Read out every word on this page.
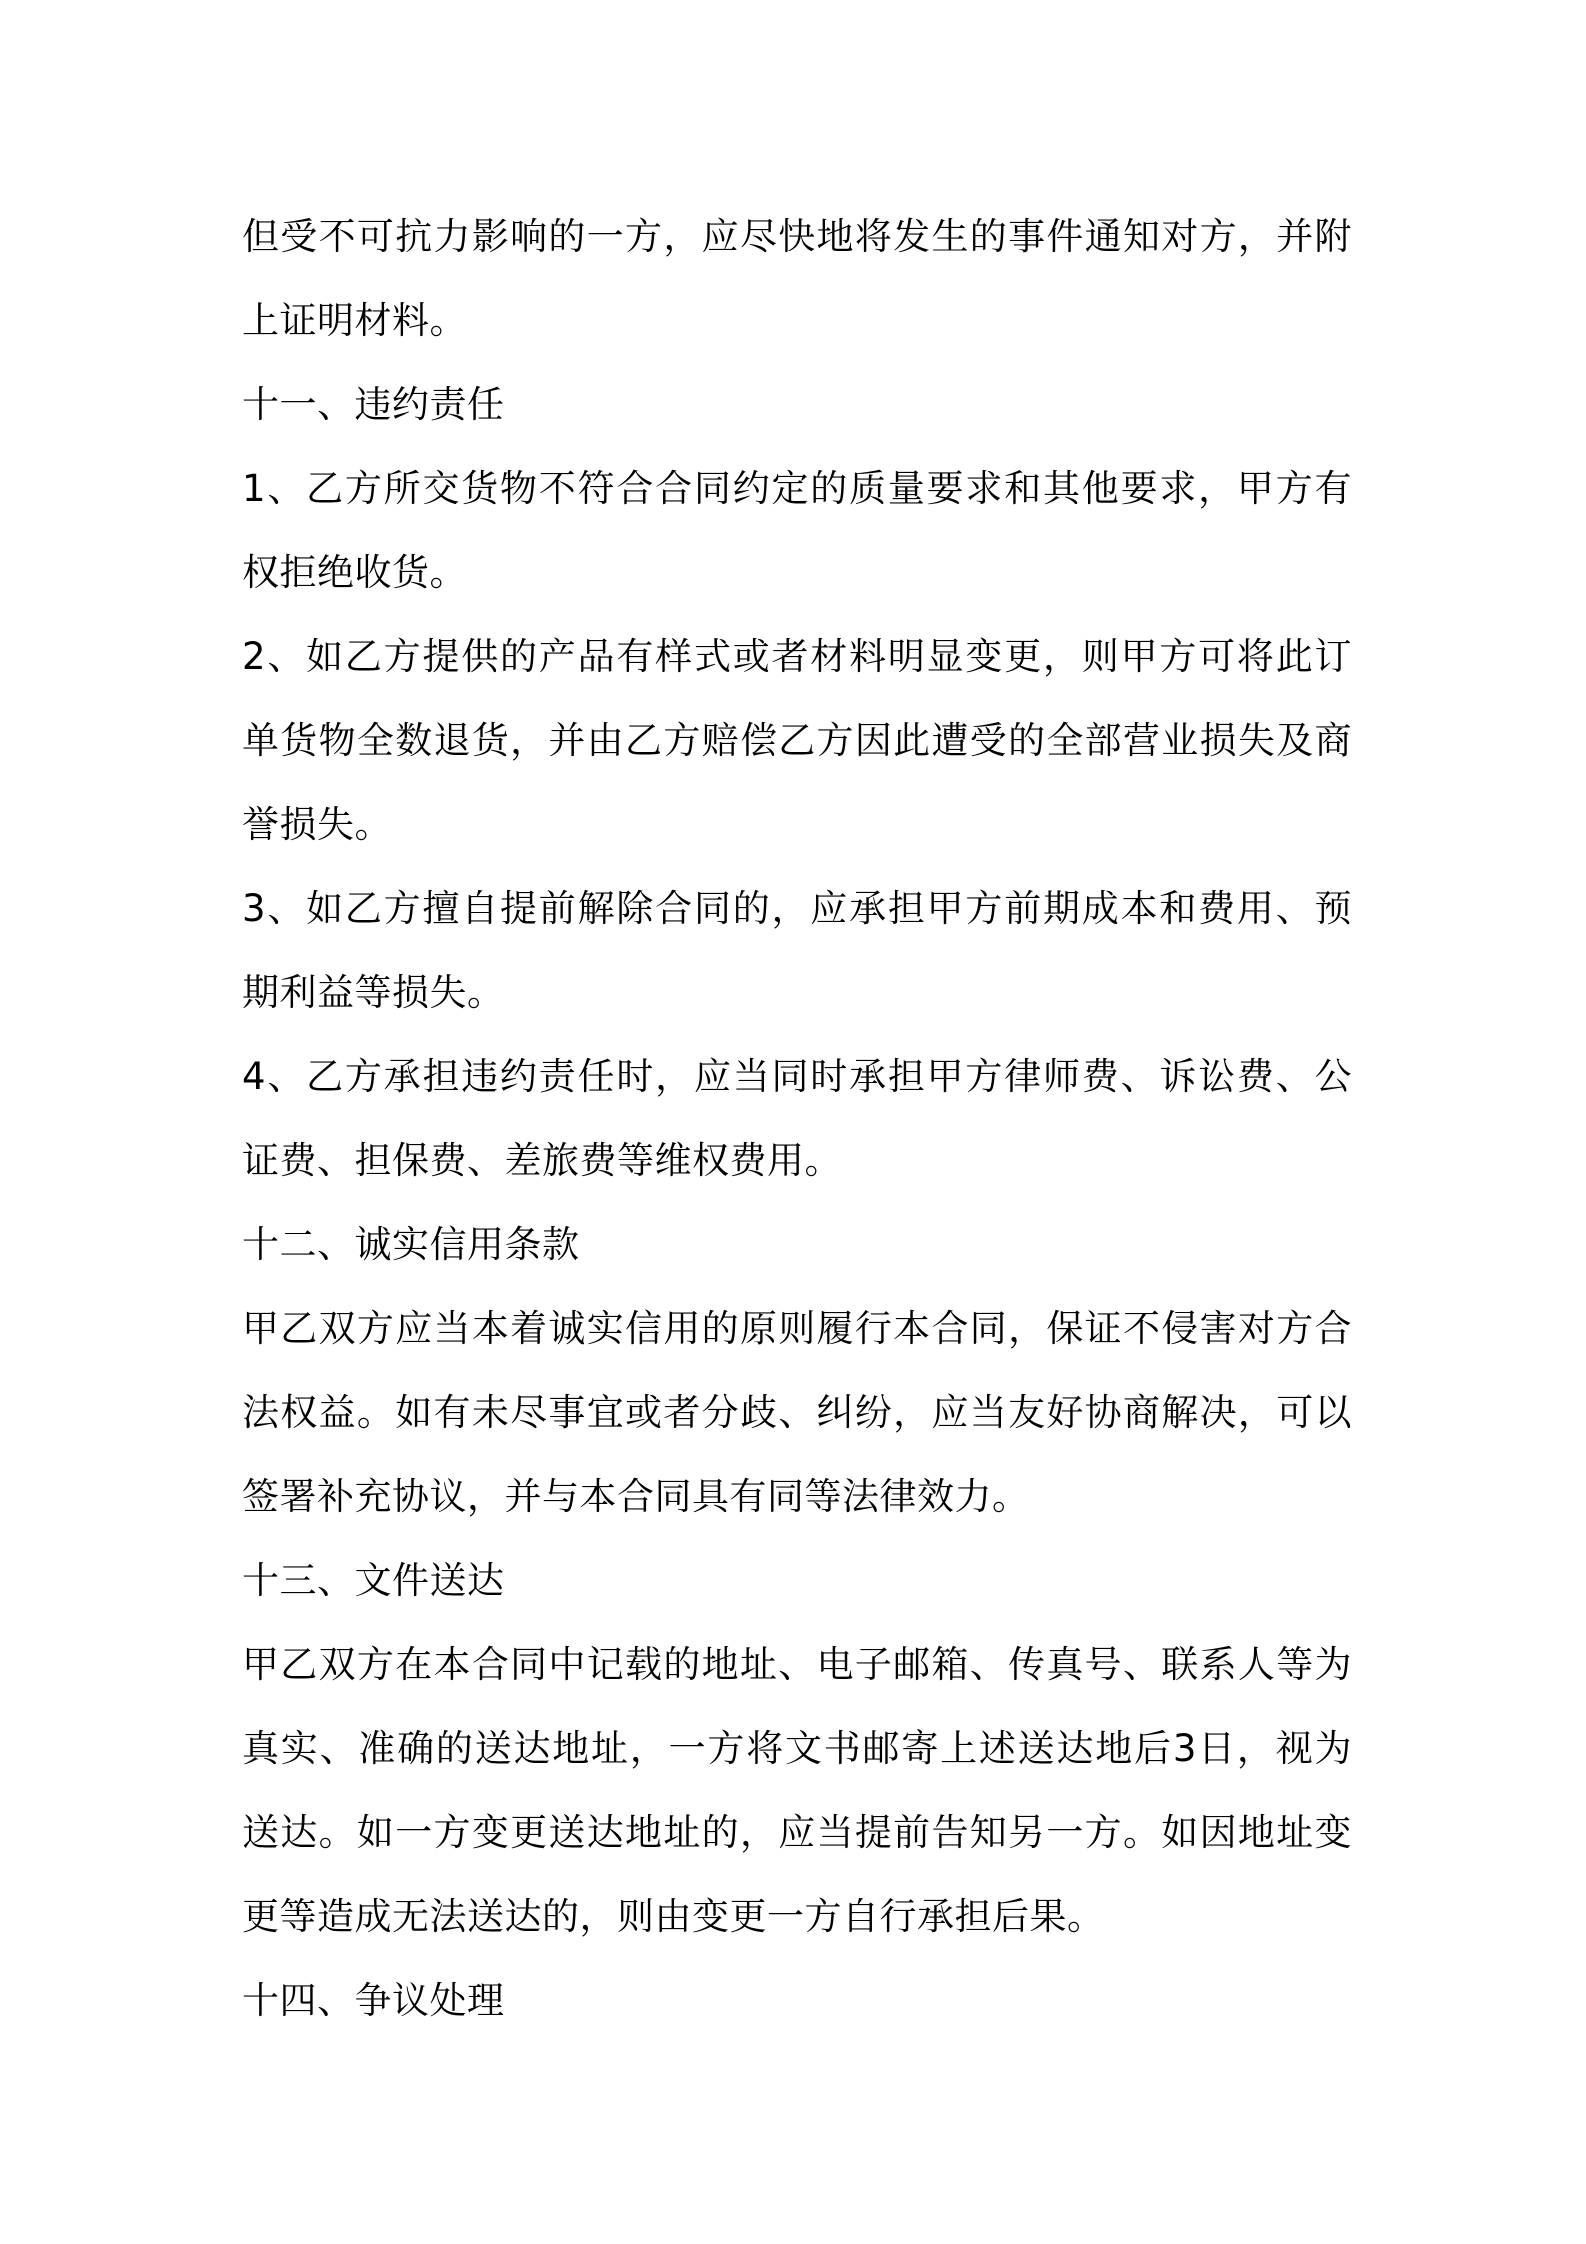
但受不可抗力影响的一方，应尽快地将发生的事件通知对方，并附上证明材料。

十一、违约责任

1、乙方所交货物不符合合同约定的质量要求和其他要求，甲方有权拒绝收货。

2、如乙方提供的产品有样式或者材料明显变更，则甲方可将此订单货物全数退货，并由乙方赔偿乙方因此遭受的全部营业损失及商誉损失。

3、如乙方擅自提前解除合同的，应承担甲方前期成本和费用、预期利益等损失。

4、乙方承担违约责任时，应当同时承担甲方律师费、诉讼费、公证费、担保费、差旅费等维权费用。

十二、诚实信用条款

甲乙双方应当本着诚实信用的原则履行本合同，保证不侵害对方合法权益。如有未尽事宜或者分歧、纠纷，应当友好协商解决，可以签署补充协议，并与本合同具有同等法律效力。

十三、文件送达

甲乙双方在本合同中记载的地址、电子邮箱、传真号、联系人等为真实、准确的送达地址，一方将文书邮寄上述送达地后3日，视为送达。如一方变更送达地址的，应当提前告知另一方。如因地址变更等造成无法送达的，则由变更一方自行承担后果。

十四、争议处理
